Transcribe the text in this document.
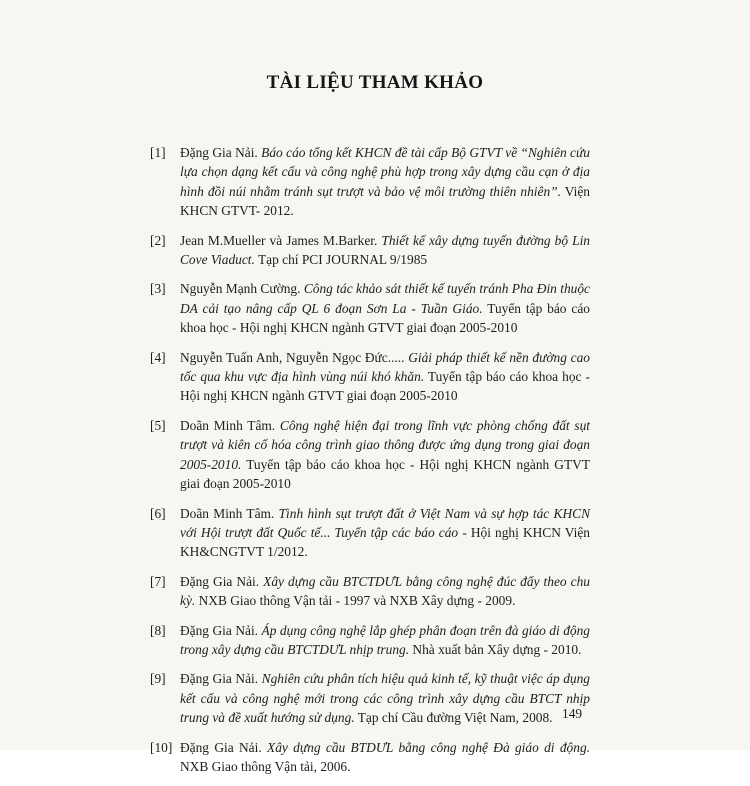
TÀI LIỆU THAM KHẢO
[1]	Đặng Gia Nải. Báo cáo tổng kết KHCN đề tài cấp Bộ GTVT về “Nghiên cứu lựa chọn dạng kết cấu và công nghệ phù hợp trong xây dựng cầu cạn ở địa hình đồi núi nhằm tránh sụt trượt và bảo vệ môi trường thiên nhiên”. Viện KHCN GTVT- 2012.
[2]	Jean M.Mueller và James M.Barker. Thiết kế xây dựng tuyến đường bộ Lin Cove Viaduct. Tạp chí PCI JOURNAL 9/1985
[3]	Nguyễn Mạnh Cường. Công tác khảo sát thiết kế tuyến tránh Pha Đin thuộc DA cải tạo nâng cấp QL 6 đoạn Sơn La - Tuần Giáo. Tuyển tập báo cáo khoa học - Hội nghị KHCN ngành GTVT giai đoạn 2005-2010
[4]	Nguyễn Tuấn Anh, Nguyễn Ngọc Đức..... Giải pháp thiết kế nền đường cao tốc qua khu vực địa hình vùng núi khó khăn. Tuyển tập báo cáo khoa học - Hội nghị KHCN ngành GTVT giai đoạn 2005-2010
[5]	Doãn Minh Tâm. Công nghệ hiện đại trong lĩnh vực phòng chống đất sụt trượt và kiên cố hóa công trình giao thông được ứng dụng trong giai đoạn 2005-2010. Tuyển tập báo cáo khoa học - Hội nghị KHCN ngành GTVT giai đoạn 2005-2010
[6]	Doãn Minh Tâm. Tình hình sụt trượt đất ở Việt Nam và sự hợp tác KHCN với Hội trượt đất Quốc tế... Tuyển tập các báo cáo - Hội nghị KHCN Viện KH&CNGTVT 1/2012.
[7]	Đặng Gia Nải. Xây dựng cầu BTCTDƯL bằng công nghệ đúc đẩy theo chu kỳ. NXB Giao thông Vận tải - 1997 và NXB Xây dựng - 2009.
[8]	Đặng Gia Nải. Áp dụng công nghệ lắp ghép phân đoạn trên đà giáo di động trong xây dựng cầu BTCTDƯL nhịp trung. Nhà xuất bản Xây dựng - 2010.
[9]	Đặng Gia Nải. Nghiên cứu phân tích hiệu quả kinh tế, kỹ thuật việc áp dụng kết cấu và công nghệ mới trong các công trình xây dựng cầu BTCT nhịp trung và đề xuất hướng sử dụng. Tạp chí Cầu đường Việt Nam, 2008.
[10] Đặng Gia Nải. Xây dựng cầu BTDƯL bằng công nghệ Đà giáo di động. NXB Giao thông Vận tải, 2006.
149
